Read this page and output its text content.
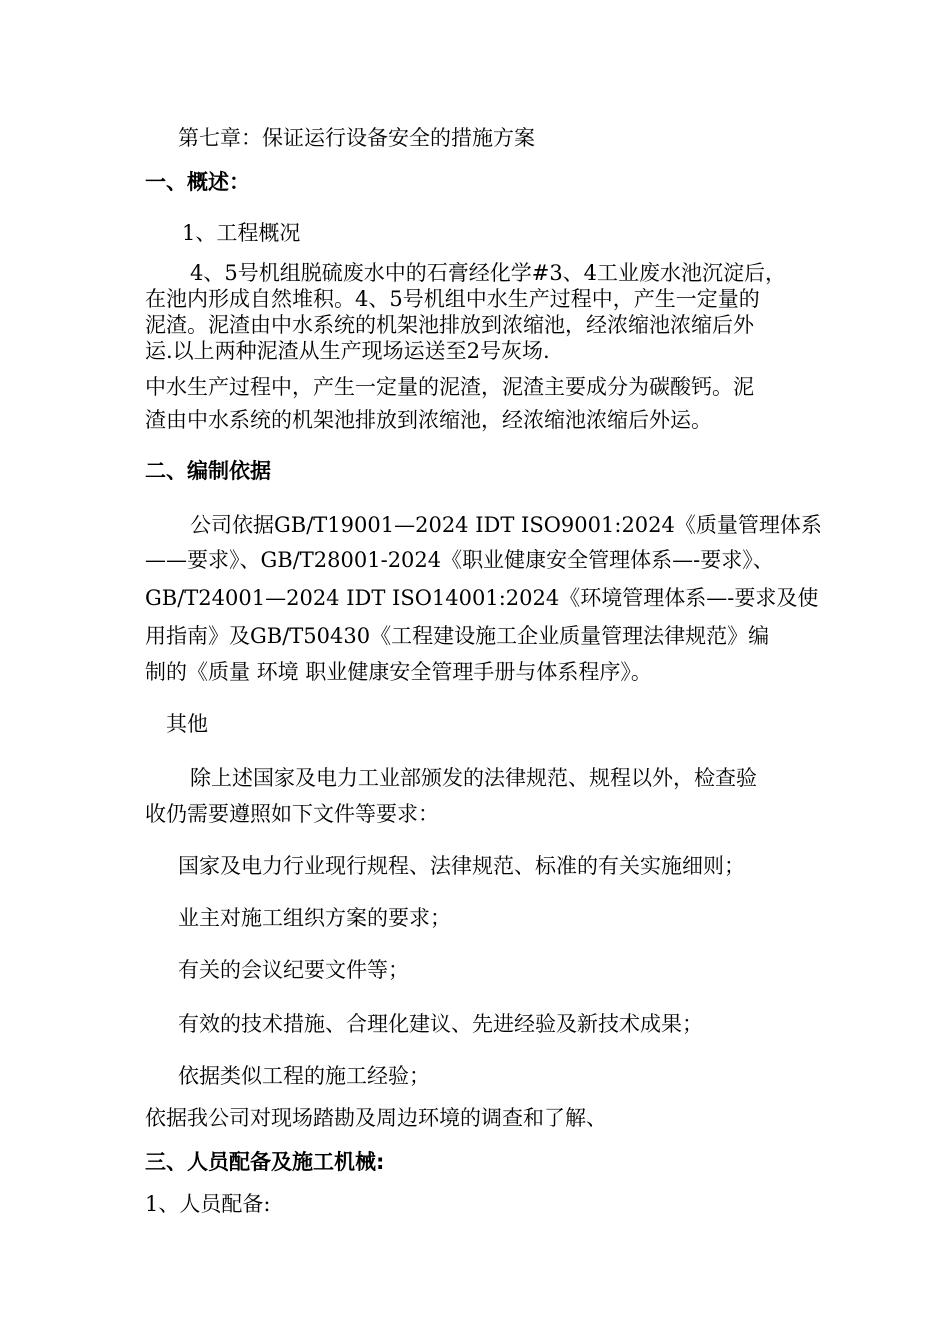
第七章：保证运行设备安全的措施方案

一、概述：

1、工程概况

4、5号机组脱硫废水中的石膏经化学#3、4工业废水池沉淀后，

在池内形成自然堆积。4、5号机组中水生产过程中，产生一定量的

泥渣。泥渣由中水系统的机架池排放到浓缩池，经浓缩池浓缩后外

运.以上两种泥渣从生产现场运送至2号灰场.

中水生产过程中，产生一定量的泥渣，泥渣主要成分为碳酸钙。泥

渣由中水系统的机架池排放到浓缩池，经浓缩池浓缩后外运。

二、编制依据

公司依据GB/T19001—2024 IDT ISO9001:2024《质量管理体系

——要求》、GB/T28001-2024《职业健康安全管理体系—-要求》、

GB/T24001—2024 IDT ISO14001:2024《环境管理体系—-要求及使

用指南》及GB/T50430《工程建设施工企业质量管理法律规范》编

制的《质量 环境 职业健康安全管理手册与体系程序》。

其他

除上述国家及电力工业部颁发的法律规范、规程以外，检查验

收仍需要遵照如下文件等要求：

国家及电力行业现行规程、法律规范、标准的有关实施细则；

业主对施工组织方案的要求；

有关的会议纪要文件等；

有效的技术措施、合理化建议、先进经验及新技术成果；

依据类似工程的施工经验；

依据我公司对现场踏勘及周边环境的调查和了解、

三、人员配备及施工机械:

1、人员配备:
